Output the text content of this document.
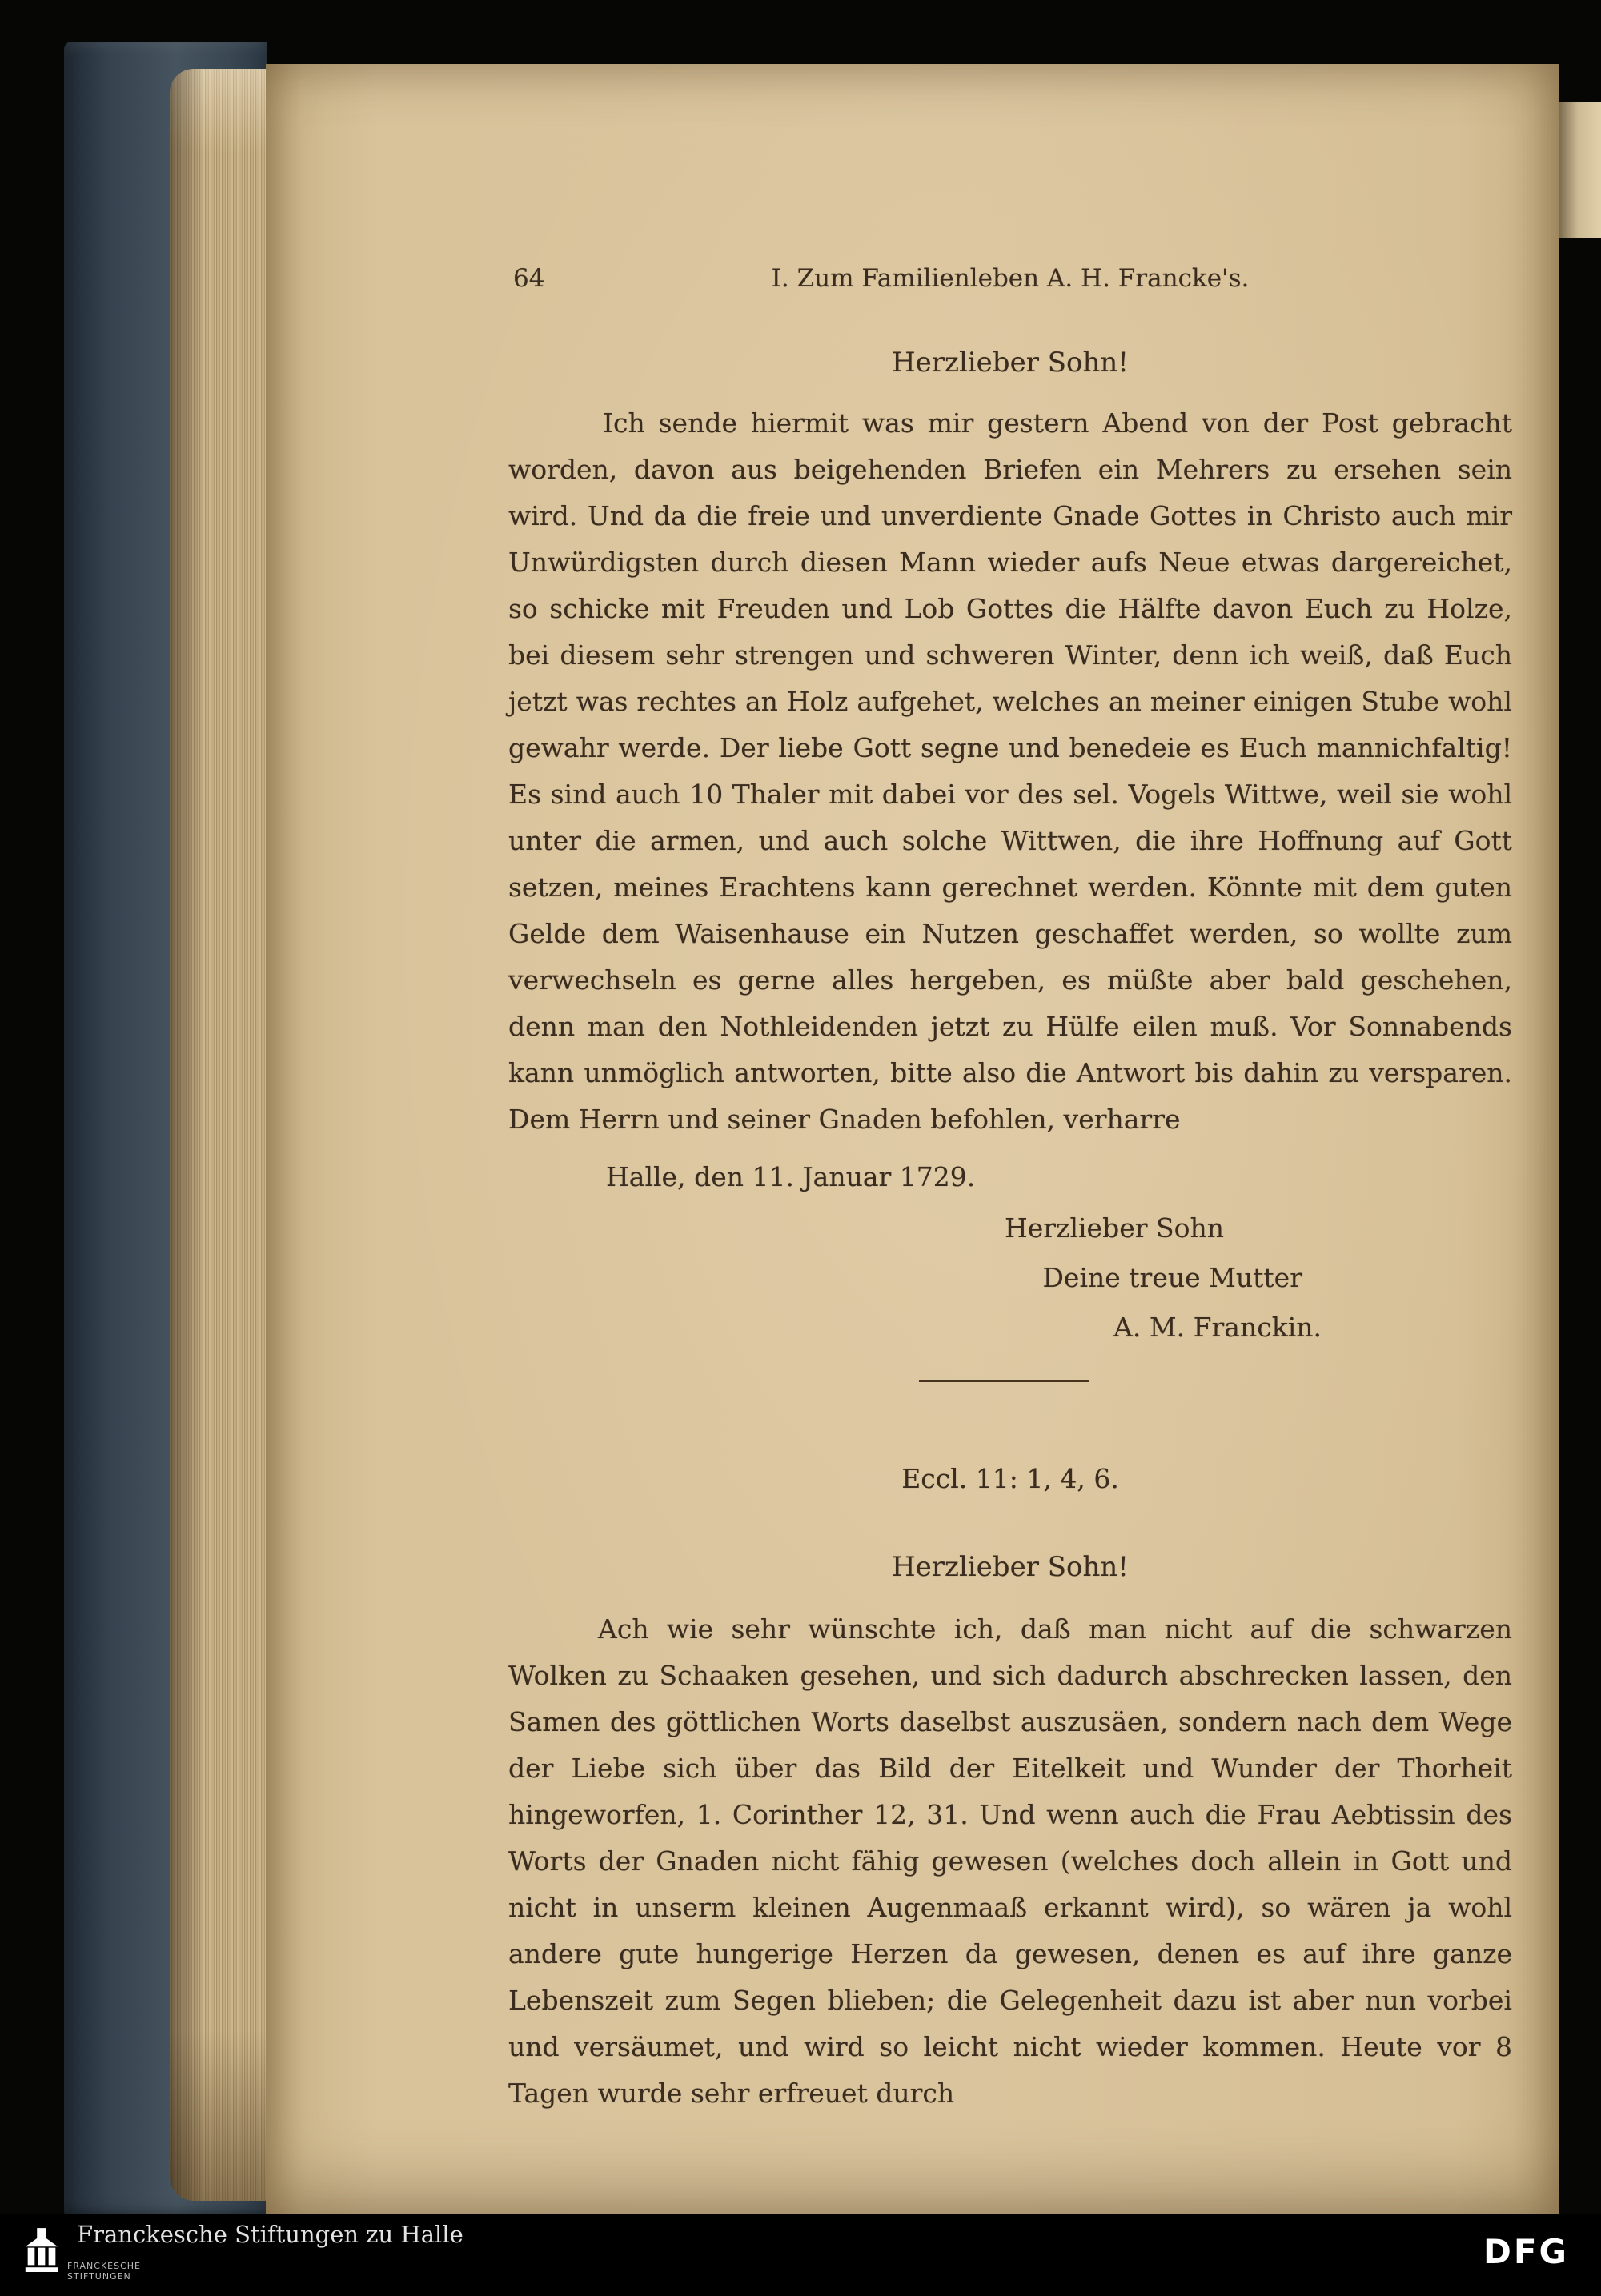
64	I. Zum Familienleben A. H. Francke's.
Herzlieber Sohn!

Ich sende hiermit was mir gestern Abend von der Post gebracht worden, davon aus beigehenden Briefen ein Mehrers zu ersehen sein wird. Und da die freie und unverdiente Gnade Gottes in Christo auch mir Unwürdigsten durch diesen Mann wieder aufs Neue etwas dargereichet, so schicke mit Freuden und Lob Gottes die Hälfte davon Euch zu Holze, bei diesem sehr strengen und schweren Winter, denn ich weiß, daß Euch jetzt was rechtes an Holz aufgehet, welches an meiner einigen Stube wohl gewahr werde. Der liebe Gott segne und benedeie es Euch mannichfaltig! Es sind auch 10 Thaler mit dabei vor des sel. Vogels Wittwe, weil sie wohl unter die armen, und auch solche Wittwen, die ihre Hoffnung auf Gott setzen, meines Erachtens kann gerechnet werden. Könnte mit dem guten Gelde dem Waisenhause ein Nutzen geschaffet werden, so wollte zum verwechseln es gerne alles hergeben, es müßte aber bald geschehen, denn man den Nothleidenden jetzt zu Hülfe eilen muß. Vor Sonnabends kann unmöglich antworten, bitte also die Antwort bis dahin zu versparen. Dem Herrn und seiner Gnaden befohlen, verharre

Halle, den 11. Januar 1729.
Herzlieber Sohn
Deine treue Mutter
A. M. Franckin.
Eccl. 11: 1, 4, 6.
Herzlieber Sohn!

Ach wie sehr wünschte ich, daß man nicht auf die schwarzen Wolken zu Schaaken gesehen, und sich dadurch abschrecken lassen, den Samen des göttlichen Worts daselbst auszusäen, sondern nach dem Wege der Liebe sich über das Bild der Eitelkeit und Wunder der Thorheit hingeworfen, 1. Corinther 12, 31. Und wenn auch die Frau Aebtissin des Worts der Gnaden nicht fähig gewesen (welches doch allein in Gott und nicht in unserm kleinen Augenmaaß erkannt wird), so wären ja wohl andere gute hungerige Herzen da gewesen, denen es auf ihre ganze Lebenszeit zum Segen blieben; die Gelegenheit dazu ist aber nun vorbei und versäumet, und wird so leicht nicht wieder kommen. Heute vor 8 Tagen wurde sehr erfreuet durch

FRANCKESCHE STIFTUNGEN
Franckesche Stiftungen zu Halle	DFG
